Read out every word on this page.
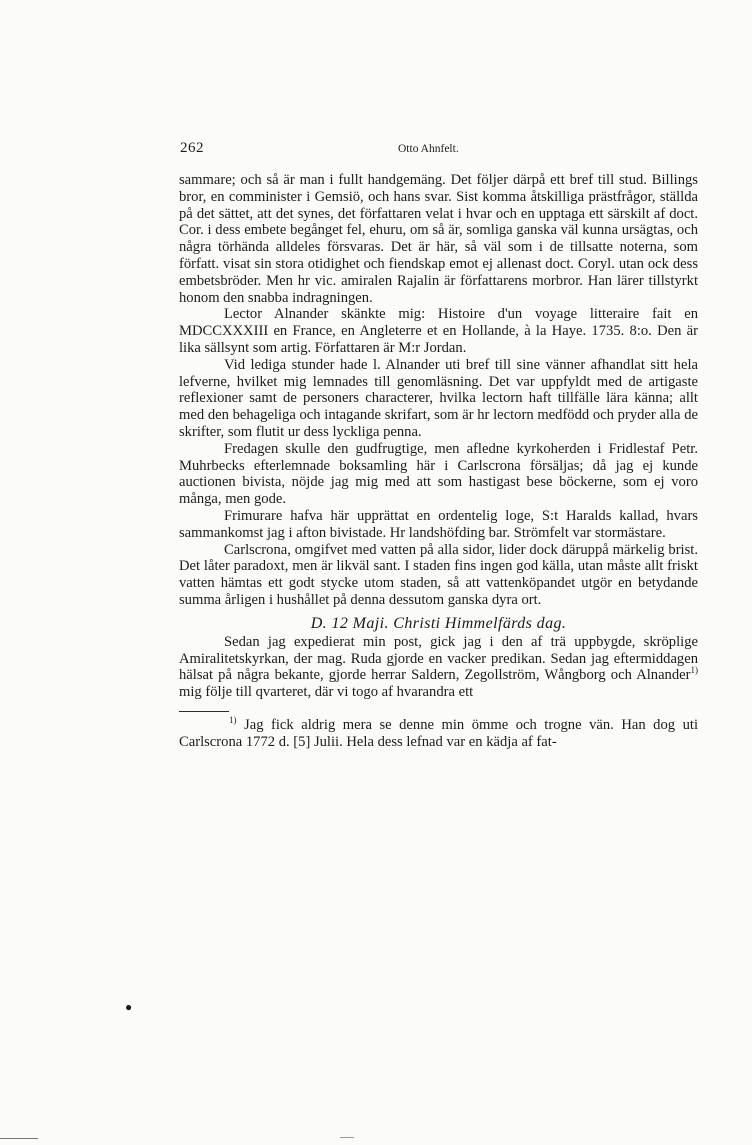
262	Otto Ahnfelt.

sammare; och så är man i fullt handgemäng. Det följer därpå ett bref till stud. Billings bror, en comminister i Gemsiö, och hans svar. Sist komma åtskilliga prästfrågor, ställda på det sättet, att det synes, det författaren velat i hvar och en upptaga ett särskilt af doct. Cor. i dess embete begånget fel, ehuru, om så är, somliga ganska väl kunna ursägtas, och några törhända alldeles försvaras. Det är här, så väl som i de tillsatte noterna, som författ. visat sin stora otidighet och fiendskap emot ej allenast doct. Coryl. utan ock dess embetsbröder. Men hr vic. amiralen Rajalin är författarens morbror. Han lärer tillstyrkt honom den snabba indragningen.

Lector Alnander skänkte mig: Histoire d'un voyage litteraire fait en MDCCXXXIII en France, en Angleterre et en Hollande, à la Haye. 1735. 8:o. Den är lika sällsynt som artig. Författaren är M:r Jordan.

Vid lediga stunder hade l. Alnander uti bref till sine vänner afhandlat sitt hela lefverne, hvilket mig lemnades till genomläsning. Det var uppfyldt med de artigaste reflexioner samt de personers characterer, hvilka lectorn haft tillfälle lära känna; allt med den behageliga och intagande skrifart, som är hr lectorn medfödd och pryder alla de skrifter, som flutit ur dess lyckliga penna.

Fredagen skulle den gudfrugtige, men afledne kyrkoherden i Fridlestaf Petr. Muhrbecks efterlemnade boksamling här i Carlscrona försäljas; då jag ej kunde auctionen bivista, nöjde jag mig med att som hastigast bese böckerne, som ej voro många, men gode.

Frimurare hafva här upprättat en ordentelig loge, S:t Haralds kallad, hvars sammankomst jag i afton bivistade. Hr landshöfding bar. Strömfelt var stormästare.

Carlscrona, omgifvet med vatten på alla sidor, lider dock däruppå märkelig brist. Det låter paradoxt, men är likväl sant. I staden fins ingen god källa, utan måste allt friskt vatten hämtas ett godt stycke utom staden, så att vattenköpandet utgör en betydande summa årligen i hushållet på denna dessutom ganska dyra ort.

D. 12 Maji. Christi Himmelfärds dag.

Sedan jag expedierat min post, gick jag i den af trä uppbygde, skröplige Amiralitetskyrkan, der mag. Ruda gjorde en vacker predikan. Sedan jag eftermiddagen hälsat på några bekante, gjorde herrar Saldern, Zegollström, Wångborg och Alnander$^{1)}$ mig följe till qvarteret, där vi togo af hvarandra ett

$^{1)}$ Jag fick aldrig mera se denne min ömme och trogne vän. Han dog uti Carlscrona 1772 d. [5] Julii. Hela dess lefnad var en kädja af fat-

●
